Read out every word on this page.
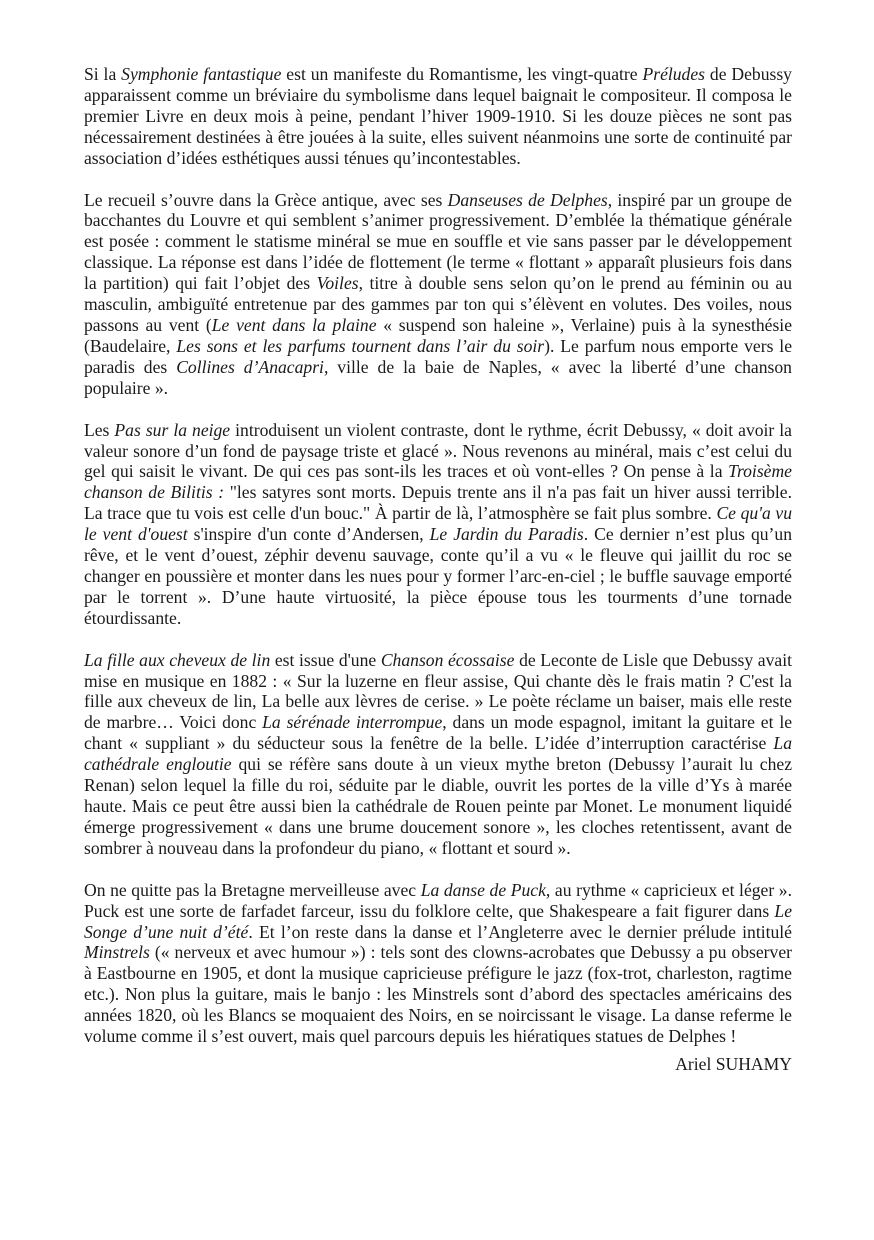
Si la Symphonie fantastique est un manifeste du Romantisme, les vingt-quatre Préludes de Debussy apparaissent comme un bréviaire du symbolisme dans lequel baignait le compositeur. Il composa le premier Livre en deux mois à peine, pendant l’hiver 1909-1910. Si les douze pièces ne sont pas nécessairement destinées à être jouées à la suite, elles suivent néanmoins une sorte de continuité par association d’idées esthétiques aussi ténues qu’incontestables.

Le recueil s’ouvre dans la Grèce antique, avec ses Danseuses de Delphes, inspiré par un groupe de bacchantes du Louvre et qui semblent s’animer progressivement. D’emblée la thématique générale est posée : comment le statisme minéral se mue en souffle et vie sans passer par le développement classique. La réponse est dans l’idée de flottement (le terme « flottant » apparaît plusieurs fois dans la partition) qui fait l’objet des Voiles, titre à double sens selon qu’on le prend au féminin ou au masculin, ambiguïté entretenue par des gammes par ton qui s’élèvent en volutes. Des voiles, nous passons au vent (Le vent dans la plaine « suspend son haleine », Verlaine) puis à la synesthésie (Baudelaire, Les sons et les parfums tournent dans l’air du soir). Le parfum nous emporte vers le paradis des Collines d’Anacapri, ville de la baie de Naples, « avec la liberté d’une chanson populaire ».

Les Pas sur la neige introduisent un violent contraste, dont le rythme, écrit Debussy, « doit avoir la valeur sonore d’un fond de paysage triste et glacé ». Nous revenons au minéral, mais c’est celui du gel qui saisit le vivant. De qui ces pas sont-ils les traces et où vont-elles ? On pense à la Troisème chanson de Bilitis : "les satyres sont morts. Depuis trente ans il n'a pas fait un hiver aussi terrible. La trace que tu vois est celle d'un bouc." À partir de là, l’atmosphère se fait plus sombre. Ce qu'a vu le vent d'ouest s'inspire d'un conte d’Andersen, Le Jardin du Paradis. Ce dernier n’est plus qu’un rêve, et le vent d’ouest, zéphir devenu sauvage, conte qu’il a vu « le fleuve qui jaillit du roc se changer en poussière et monter dans les nues pour y former l’arc-en-ciel ; le buffle sauvage emporté par le torrent ». D’une haute virtuosité, la pièce épouse tous les tourments d’une tornade étourdissante.

La fille aux cheveux de lin est issue d'une Chanson écossaise de Leconte de Lisle que Debussy avait mise en musique en 1882 : « Sur la luzerne en fleur assise, Qui chante dès le frais matin ? C'est la fille aux cheveux de lin, La belle aux lèvres de cerise. » Le poète réclame un baiser, mais elle reste de marbre… Voici donc La sérénade interrompue, dans un mode espagnol, imitant la guitare et le chant « suppliant » du séducteur sous la fenêtre de la belle. L’idée d’interruption caractérise La cathédrale engloutie qui se réfère sans doute à un vieux mythe breton (Debussy l’aurait lu chez Renan) selon lequel la fille du roi, séduite par le diable, ouvrit les portes de la ville d’Ys à marée haute. Mais ce peut être aussi bien la cathédrale de Rouen peinte par Monet. Le monument liquidé émerge progressivement « dans une brume doucement sonore », les cloches retentissent, avant de sombrer à nouveau dans la profondeur du piano, « flottant et sourd ».

On ne quitte pas la Bretagne merveilleuse avec La danse de Puck, au rythme « capricieux et léger ». Puck est une sorte de farfadet farceur, issu du folklore celte, que Shakespeare a fait figurer dans Le Songe d’une nuit d’été. Et l’on reste dans la danse et l’Angleterre avec le dernier prélude intitulé Minstrels (« nerveux et avec humour ») : tels sont des clowns-acrobates que Debussy a pu observer à Eastbourne en 1905, et dont la musique capricieuse préfigure le jazz (fox-trot, charleston, ragtime etc.). Non plus la guitare, mais le banjo : les Minstrels sont d’abord des spectacles américains des années 1820, où les Blancs se moquaient des Noirs, en se noircissant le visage. La danse referme le volume comme il s’est ouvert, mais quel parcours depuis les hiératiques statues de Delphes !

Ariel SUHAMY
